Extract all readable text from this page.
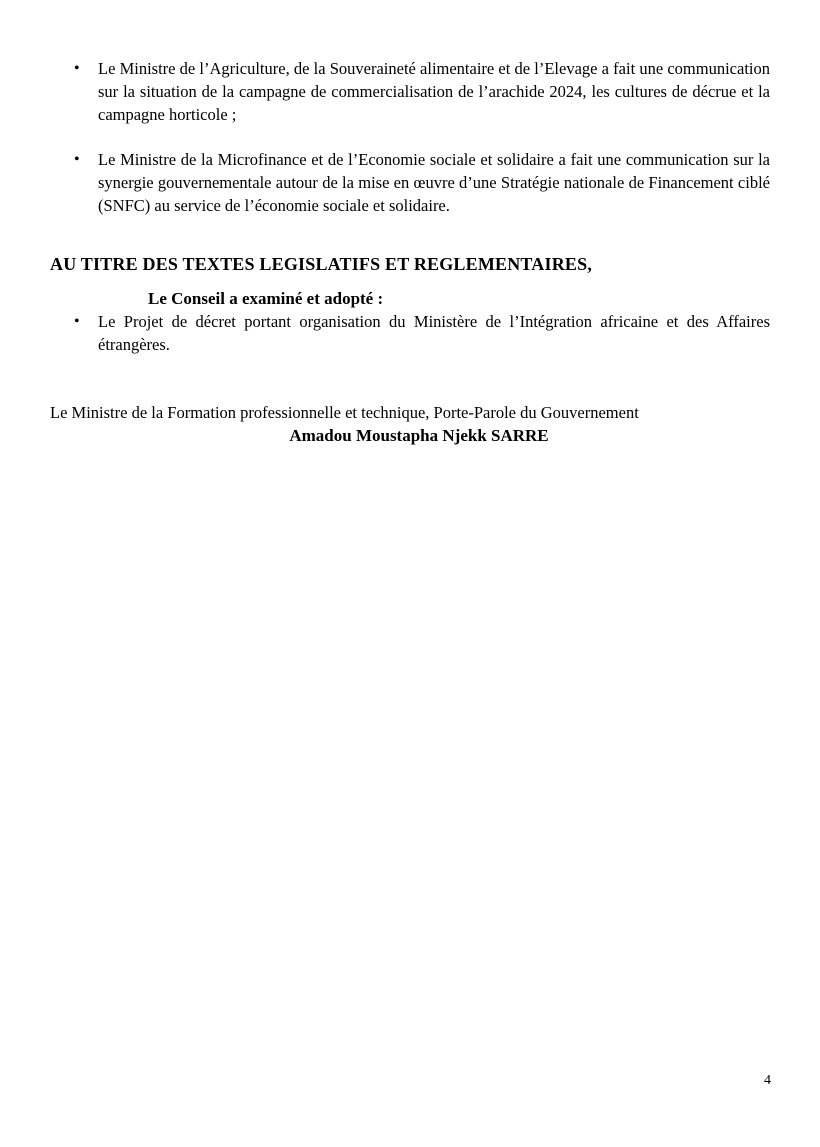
• Le Ministre de l’Agriculture, de la Souveraineté alimentaire et de l’Elevage a fait une communication sur la situation de la campagne de commercialisation de l’arachide 2024, les cultures de décrue et la campagne horticole ;
• Le Ministre de la Microfinance et de l’Economie sociale et solidaire a fait une communication sur la synergie gouvernementale autour de la mise en œuvre d’une Stratégie nationale de Financement ciblé (SNFC) au service de l’économie sociale et solidaire.
AU TITRE DES TEXTES LEGISLATIFS ET REGLEMENTAIRES,

Le Conseil a examiné et adopté :

• Le Projet de décret portant organisation du Ministère de l’Intégration africaine et des Affaires étrangères.

Le Ministre de la Formation professionnelle et technique, Porte-Parole du Gouvernement

Amadou Moustapha Njekk SARRE

4
